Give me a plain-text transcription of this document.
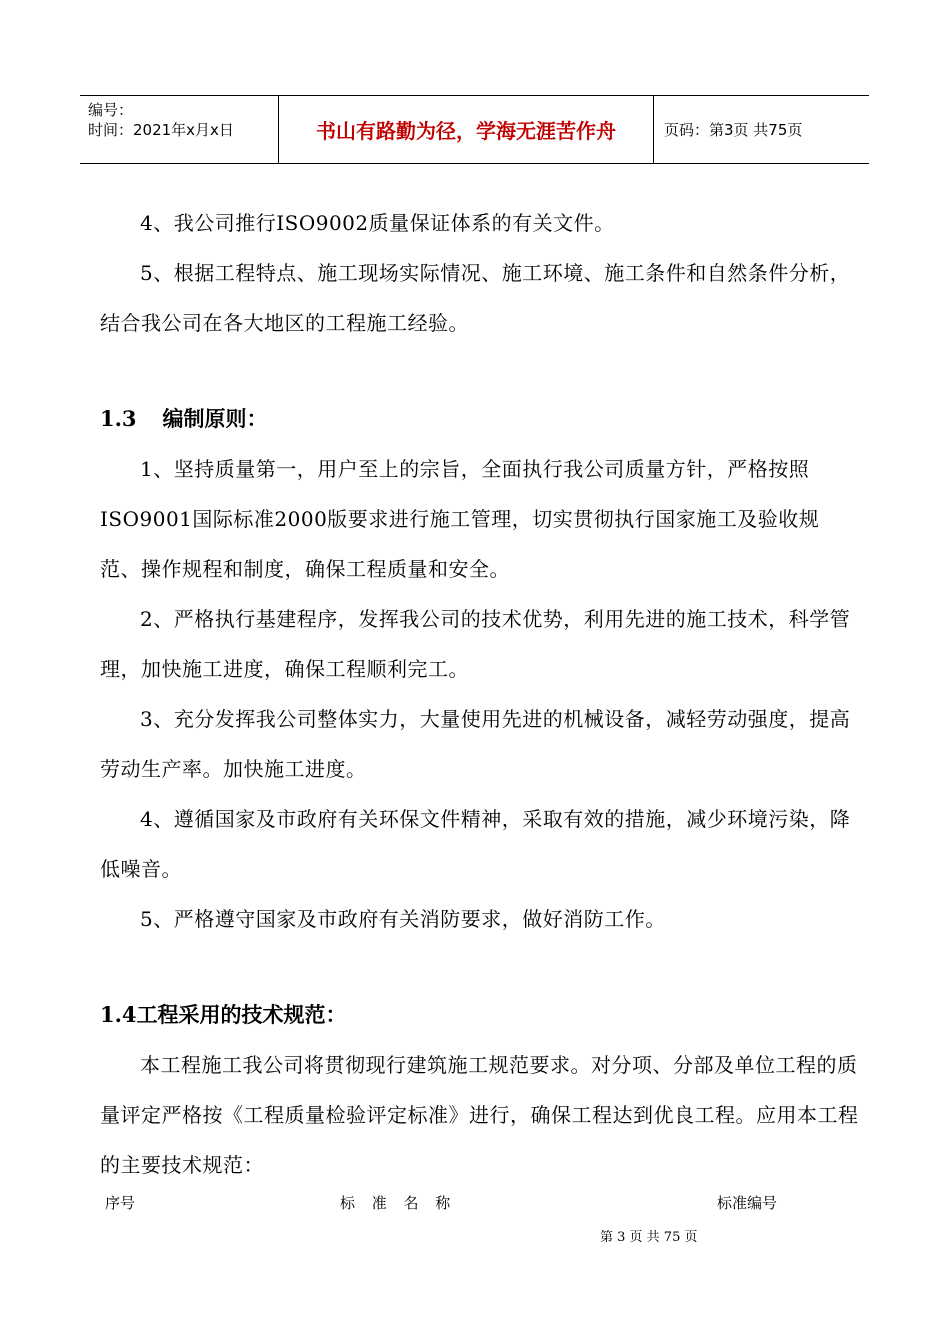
编号：
时间：2021年x月x日	书山有路勤为径，学海无涯苦作舟	页码：第3页 共75页

4、我公司推行ISO9002质量保证体系的有关文件。

5、根据工程特点、施工现场实际情况、施工环境、施工条件和自然条件分析，结合我公司在各大地区的工程施工经验。

1.3 编制原则：

1、坚持质量第一，用户至上的宗旨，全面执行我公司质量方针，严格按照ISO9001国际标准2000版要求进行施工管理，切实贯彻执行国家施工及验收规范、操作规程和制度，确保工程质量和安全。

2、严格执行基建程序，发挥我公司的技术优势，利用先进的施工技术，科学管理，加快施工进度，确保工程顺利完工。

3、充分发挥我公司整体实力，大量使用先进的机械设备，减轻劳动强度，提高劳动生产率。加快施工进度。

4、遵循国家及市政府有关环保文件精神，采取有效的措施，减少环境污染，降低噪音。

5、严格遵守国家及市政府有关消防要求，做好消防工作。

1.4工程采用的技术规范：

本工程施工我公司将贯彻现行建筑施工规范要求。对分项、分部及单位工程的质量评定严格按《工程质量检验评定标准》进行，确保工程达到优良工程。应用本工程的主要技术规范：

序号	标 准 名 称	标准编号
第 3 页 共 75 页
